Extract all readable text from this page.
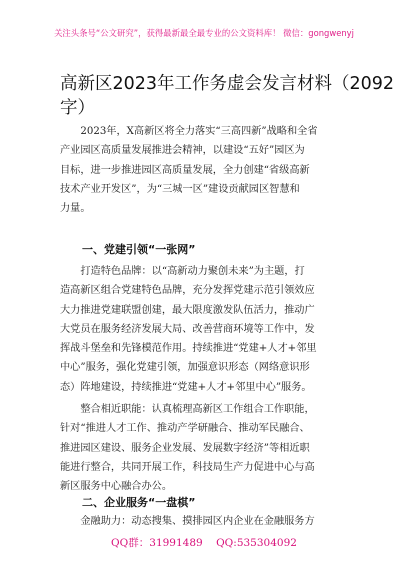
关注头条号“公文研究”，获得最新最全最专业的公文资料库！ 微信：gongwenyj
高新区2023年工作务虚会发言材料（2092
字）
　　2023年，X高新区将全力落实“三高四新”战略和全省
产业园区高质量发展推进会精神，以建设“五好”园区为
目标，进一步推进园区高质量发展，全力创建“省级高新
技术产业开发区”，为“三城一区”建设贡献园区智慧和
力量。
一、党建引领“一张网”
　　打造特色品牌：以“高新动力聚创未来”为主题，打
造高新区组合党建特色品牌，充分发挥党建示范引领效应
大力推进党建联盟创建，最大限度激发队伍活力，推动广
大党员在服务经济发展大局、改善营商环境等工作中，发
挥战斗堡垒和先锋模范作用。持续推进“党建+人才+邻里
中心”服务，强化党建引领，加强意识形态（网络意识形
态）阵地建设，持续推进“党建+人才+邻里中心”服务。
　　整合相近职能：认真梳理高新区工作组合工作职能，
针对“推进人才工作、推动产学研融合、推动军民融合、
推进园区建设、服务企业发展、发展数字经济”等相近职
能进行整合，共同开展工作，科技局生产力促进中心与高
新区服务中心融合办公。
二、企业服务“一盘棋”
　　金融助力：动态搜集、摸排园区内企业在金融服务方
QQ群：31991489 QQ:535304092
